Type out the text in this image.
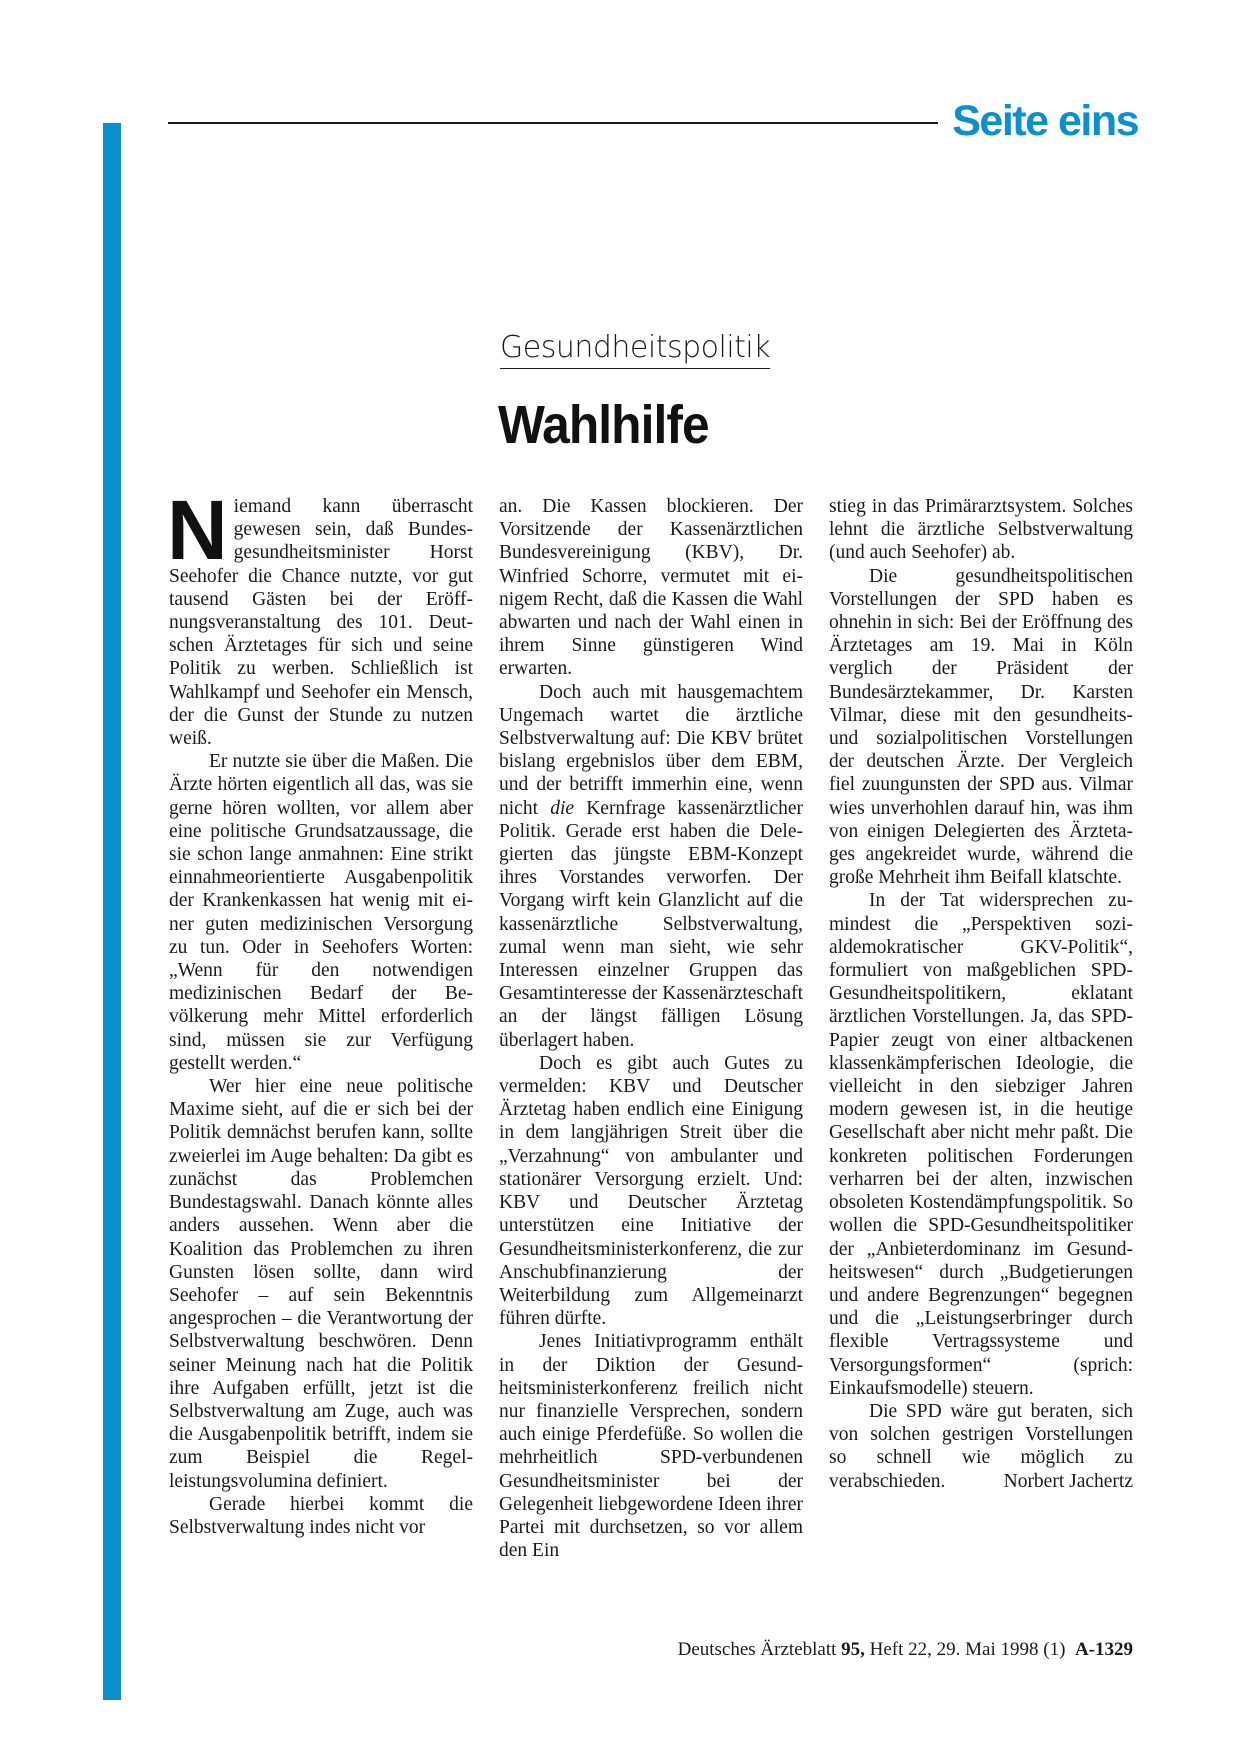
Seite eins
Gesundheitspolitik
Wahlhilfe

Niemand kann überrascht gewesen sein, daß Bundesgesundheitsminister Horst Seehofer die Chance nutzte, vor gut tausend Gästen bei der Eröffnungsveranstaltung des 101. Deutschen Ärztetages für sich und seine Politik zu werben. Schließlich ist Wahlkampf und Seehofer ein Mensch, der die Gunst der Stunde zu nutzen weiß.

Er nutzte sie über die Maßen. Die Ärzte hörten eigentlich all das, was sie gerne hören wollten, vor allem aber eine politische Grundsatzaussage, die sie schon lange anmahnen: Eine strikt einnahmeorientierte Ausgabenpolitik der Krankenkassen hat wenig mit einer guten medizinischen Versorgung zu tun. Oder in Seehofers Worten: „Wenn für den notwendigen medizinischen Bedarf der Bevölkerung mehr Mittel erforderlich sind, müssen sie zur Verfügung gestellt werden.“

Wer hier eine neue politische Maxime sieht, auf die er sich bei der Politik demnächst berufen kann, sollte zweierlei im Auge behalten: Da gibt es zunächst das Problemchen Bundestagswahl. Danach könnte alles anders aussehen. Wenn aber die Koalition das Problemchen zu ihren Gunsten lösen sollte, dann wird Seehofer – auf sein Bekenntnis angesprochen – die Verantwortung der Selbstverwaltung beschwören. Denn seiner Meinung nach hat die Politik ihre Aufgaben erfüllt, jetzt ist die Selbstverwaltung am Zuge, auch was die Ausgabenpolitik betrifft, indem sie zum Beispiel die Regelleistungsvolumina definiert.

Gerade hierbei kommt die Selbstverwaltung indes nicht vor

an. Die Kassen blockieren. Der Vorsitzende der Kassenärztlichen Bundesvereinigung (KBV), Dr. Winfried Schorre, vermutet mit einigem Recht, daß die Kassen die Wahl abwarten und nach der Wahl einen in ihrem Sinne günstigeren Wind erwarten.

Doch auch mit hausgemachtem Ungemach wartet die ärztliche Selbstverwaltung auf: Die KBV brütet bislang ergebnislos über dem EBM, und der betrifft immerhin eine, wenn nicht die Kernfrage kassenärztlicher Politik. Gerade erst haben die Delegierten das jüngste EBM-Konzept ihres Vorstandes verworfen. Der Vorgang wirft kein Glanzlicht auf die kassenärztliche Selbstverwaltung, zumal wenn man sieht, wie sehr Interessen einzelner Gruppen das Gesamtinteresse der Kassenärzteschaft an der längst fälligen Lösung überlagert haben.

Doch es gibt auch Gutes zu vermelden: KBV und Deutscher Ärztetag haben endlich eine Einigung in dem langjährigen Streit über die „Verzahnung“ von ambulanter und stationärer Versorgung erzielt. Und: KBV und Deutscher Ärztetag unterstützen eine Initiative der Gesundheitsministerkonferenz, die zur Anschubfinanzierung der Weiterbildung zum Allgemeinarzt führen dürfte.

Jenes Initiativprogramm enthält in der Diktion der Gesundheitsministerkonferenz freilich nicht nur finanzielle Versprechen, sondern auch einige Pferdefüße. So wollen die mehrheitlich SPD-verbundenen Gesundheitsminister bei der Gelegenheit liebgewordene Ideen ihrer Partei mit durchsetzen, so vor allem den Ein

stieg in das Primärarztsystem. Solches lehnt die ärztliche Selbstverwaltung (und auch Seehofer) ab.

Die gesundheitspolitischen Vorstellungen der SPD haben es ohnehin in sich: Bei der Eröffnung des Ärztetages am 19. Mai in Köln verglich der Präsident der Bundesärztekammer, Dr. Karsten Vilmar, diese mit den gesundheits- und sozialpolitischen Vorstellungen der deutschen Ärzte. Der Vergleich fiel zuungunsten der SPD aus. Vilmar wies unverhohlen darauf hin, was ihm von einigen Delegierten des Ärztetages angekreidet wurde, während die große Mehrheit ihm Beifall klatschte.

In der Tat widersprechen zumindest die „Perspektiven sozialdemokratischer GKV-Politik“, formuliert von maßgeblichen SPD-Gesundheitspolitikern, eklatant ärztlichen Vorstellungen. Ja, das SPD-Papier zeugt von einer altbackenen klassenkämpferischen Ideologie, die vielleicht in den siebziger Jahren modern gewesen ist, in die heutige Gesellschaft aber nicht mehr paßt. Die konkreten politischen Forderungen verharren bei der alten, inzwischen obsoleten Kostendämpfungspolitik. So wollen die SPD-Gesundheitspolitiker der „Anbieterdominanz im Gesundheitswesen“ durch „Budgetierungen und andere Begrenzungen“ begegnen und die „Leistungserbringer durch flexible Vertragssysteme und Versorgungsformen“ (sprich: Einkaufsmodelle) steuern.

Die SPD wäre gut beraten, sich von solchen gestrigen Vorstellungen so schnell wie möglich zu verabschieden.	Norbert Jachertz

Deutsches Ärzteblatt 95, Heft 22, 29. Mai 1998 (1) A-1329
